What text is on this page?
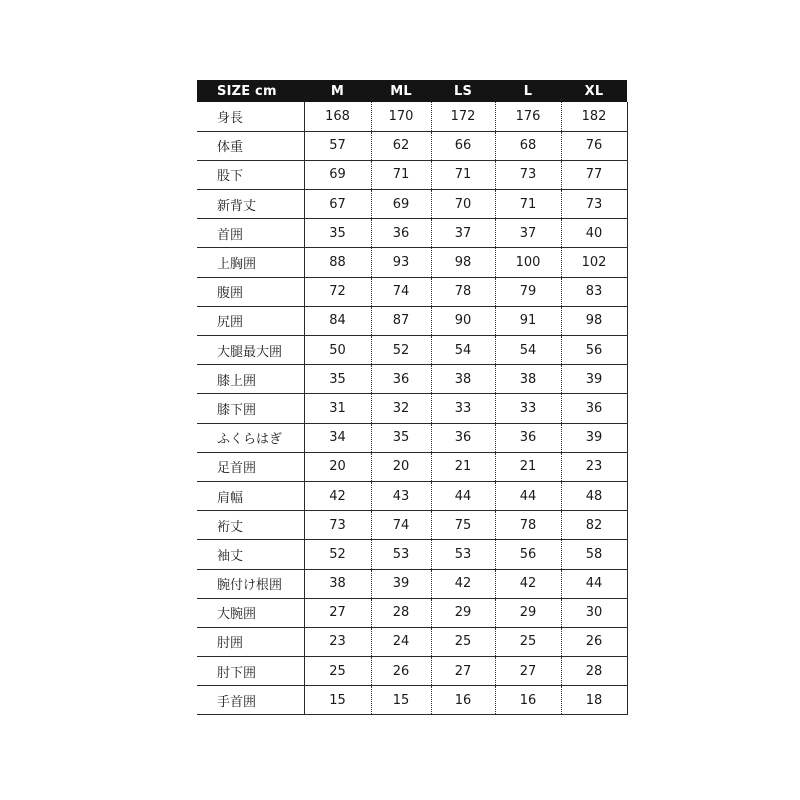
SIZE cm	M	ML	LS	L	XL
身長	168	170	172	176	182
体重	57	62	66	68	76
股下	69	71	71	73	77
新背丈	67	69	70	71	73
首囲	35	36	37	37	40
上胸囲	88	93	98	100	102
腹囲	72	74	78	79	83
尻囲	84	87	90	91	98
大腿最大囲	50	52	54	54	56
膝上囲	35	36	38	38	39
膝下囲	31	32	33	33	36
ふくらはぎ	34	35	36	36	39
足首囲	20	20	21	21	23
肩幅	42	43	44	44	48
裄丈	73	74	75	78	82
袖丈	52	53	53	56	58
腕付け根囲	38	39	42	42	44
大腕囲	27	28	29	29	30
肘囲	23	24	25	25	26
肘下囲	25	26	27	27	28
手首囲	15	15	16	16	18
